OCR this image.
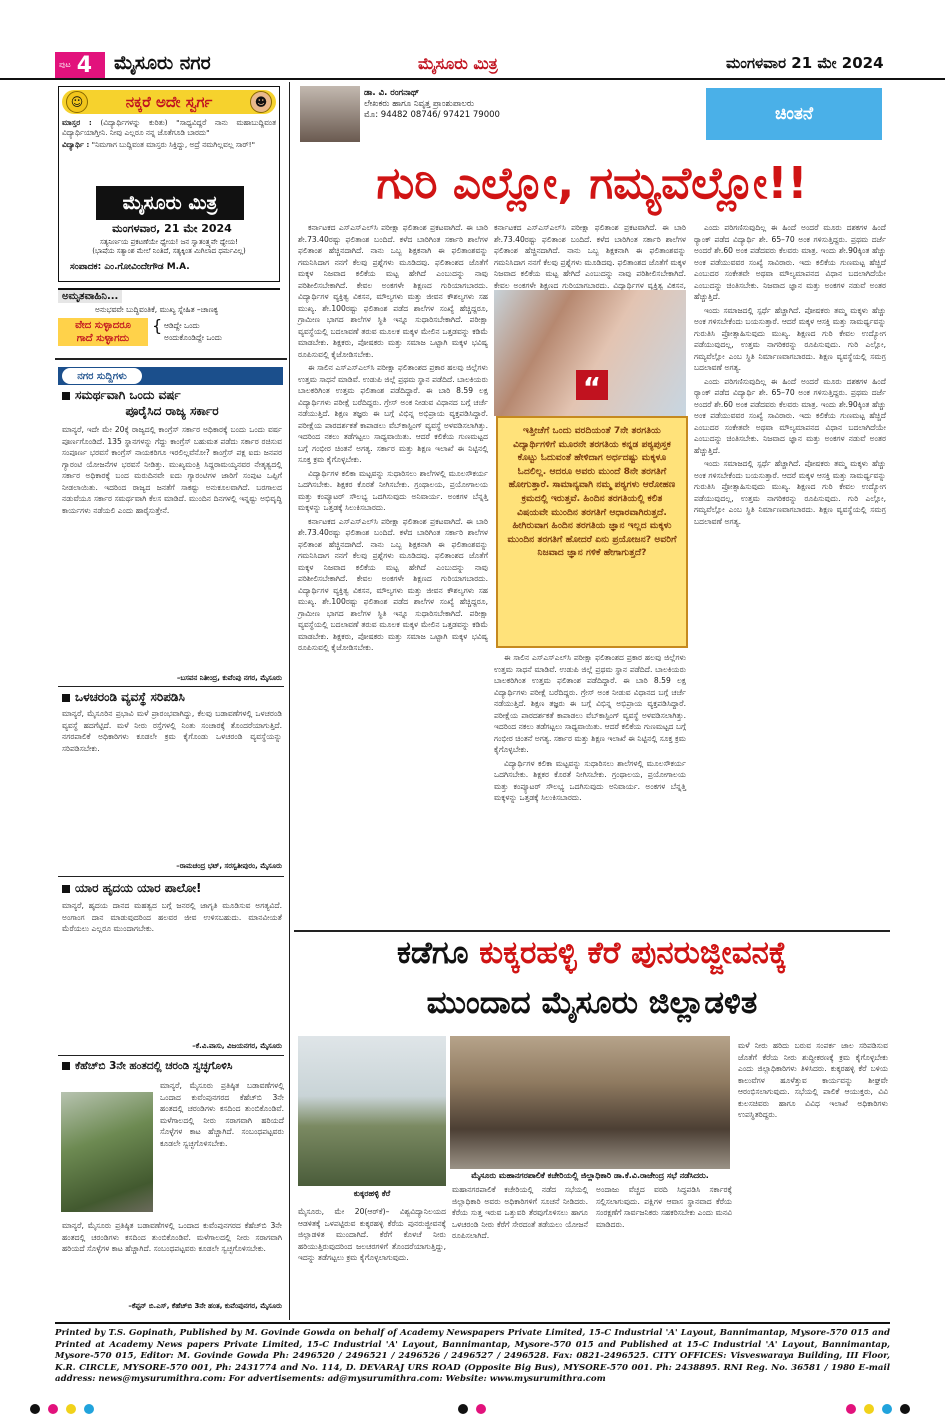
ಪುಟ 4 ಮೈಸೂರು ನಗರ	ಮೈಸೂರು ಮಿತ್ರ	ಮಂಗಳವಾರ 21 ಮೇ 2024
ನಕ್ಕರೆ ಅದೇ ಸ್ವರ್ಗ
☺	☻
ಮಾಸ್ತರ : (ವಿದ್ಯಾರ್ಥಿಗಳನ್ನು ಕುರಿತು) "ಸಾಧ್ಯವಿದ್ದರೆ ನಾನು ಮಹಾಬುದ್ದಿವಂತ ವಿದ್ಯಾರ್ಥಿಯಾಗ್ತೀನಿ. ನೀವು ಎಲ್ಲರೂ ನನ್ನ ಜೊತೆಗೂಡಿ ಬಾರದು"
ವಿದ್ಯಾರ್ಥಿ : "ನಿಮಗಾಗ ಬುದ್ದಿವಂತ ಮಾಸ್ತರು ಸಿಕ್ತಿದ್ದು, ಅದ್ರೆ ನಮಗಿಲ್ಲವಲ್ಲ ಸಾರ್!"
ಮೈಸೂರು ಮಿತ್ರ
ಮಂಗಳವಾರ, 21 ಮೇ 2024
ಸತ್ಯನಿರ್ಣಯ ಪ್ರಕಟಣೆಯೇ ಧ್ಯೇಯ! ಜನ ಸ್ವಾತಂತ್ರ್ಯವೇ ಧ್ಯೇಯ!
(ಭಾಷೆಯ ಸತ್ಯಾಂಶ ಮೇಲೆ ನಿಂತಿದೆ, ಸತ್ಯಕ್ಕಿಂತ ಮಿಗಿಲಾದ ಧರ್ಮವಿಲ್ಲ)
ಸಂಪಾದಕ: ಎಂ.ಗೋವಿಂದೇಗೌಡ M.A.
ಅಮೃತವಾಹಿನಿ...
ಅನುಭವವೇ ಬುದ್ಧಿವಂತಿಕೆ, ಮುಖ್ಯ ಸ್ನೇಹಿತ –ಚಾಣಕ್ಯ
ವೇದ ಸುಳ್ಳಾದರೂ
ಗಾದೆ ಸುಳ್ಳಾಗದು
{ ಆಡಿದ್ದೇ ಒಂದು
ಅಂದುಕೊಂಡಿದ್ದೇ ಒಂದು
ನಗರ ಸುದ್ದಿಗಳು
ಸಮರ್ಥವಾಗಿ ಒಂದು ವರ್ಷ
ಪೂರೈಸಿದ ರಾಜ್ಯ ಸರ್ಕಾರ
ಮಾನ್ಯರೆ, ಇದೇ ಮೇ 20ಕ್ಕೆ ರಾಜ್ಯದಲ್ಲಿ ಕಾಂಗ್ರೆಸ್ ಸರ್ಕಾರ ಅಧಿಕಾರಕ್ಕೆ ಬಂದು ಒಂದು ವರ್ಷ ಪೂರ್ಣಗೊಂಡಿದೆ. 135 ಸ್ಥಾನಗಳನ್ನು ಗೆದ್ದು ಕಾಂಗ್ರೆಸ್ ಬಹುಮತ ಪಡೆದು ಸರ್ಕಾರ ರಚಿಸುವ ಸಂಪೂರ್ಣ ಭರವಸೆ ಕಾಂಗ್ರೆಸ್ ನಾಯಕರಿಗೂ ಇರಲಿಲ್ಲವೆನೋ? ಕಾಂಗ್ರೆಸ್ ಪಕ್ಷ ಐದು ಜನಪರ ಗ್ಯಾರಂಟಿ ಯೋಜನೆಗಳ ಭರವಸೆ ನೀಡಿತ್ತು. ಮುಖ್ಯಮಂತ್ರಿ ಸಿದ್ದರಾಮಯ್ಯನವರ ನೇತೃತ್ವದಲ್ಲಿ ಸರ್ಕಾರ ಅಧಿಕಾರಕ್ಕೆ ಬಂದ ಮರುದಿನವೇ ಐದು ಗ್ಯಾರಂಟಿಗಳ ಜಾರಿಗೆ ಸಂಪುಟ ಒಪ್ಪಿಗೆ ನೀಡಲಾಯಿತು. ಇದರಿಂದ ರಾಜ್ಯದ ಜನತೆಗೆ ಸಾಕಷ್ಟು ಅನುಕೂಲವಾಗಿದೆ. ಬರಗಾಲದ ನಡುವೆಯೂ ಸರ್ಕಾರ ಸಮರ್ಥವಾಗಿ ಕೆಲಸ ಮಾಡಿದೆ. ಮುಂದಿನ ದಿನಗಳಲ್ಲಿ ಇನ್ನಷ್ಟು ಅಭಿವೃದ್ಧಿ ಕಾರ್ಯಗಳು ನಡೆಯಲಿ ಎಂದು ಹಾರೈಸುತ್ತೇನೆ.
–ಬಸವನ ನಿತೀಂದ್ರ, ಕುವೆಂಪು ನಗರ, ಮೈಸೂರು
ಒಳಚರಂಡಿ ವ್ಯವಸ್ಥೆ ಸರಿಪಡಿಸಿ
ಮಾನ್ಯರೆ, ಮೈಸೂರಿನ ಪ್ರಭಾವಿ ಮಳೆ ಪ್ರಾರಂಭವಾಗಿದ್ದು, ಕೆಲವು ಬಡಾವಣೆಗಳಲ್ಲಿ ಒಳಚರಂಡಿ ವ್ಯವಸ್ಥೆ ಹದಗೆಟ್ಟಿದೆ. ಮಳೆ ನೀರು ರಸ್ತೆಗಳಲ್ಲಿ ನಿಂತು ಸಂಚಾರಕ್ಕೆ ತೊಂದರೆಯಾಗುತ್ತಿದೆ. ನಗರಪಾಲಿಕೆ ಅಧಿಕಾರಿಗಳು ಕೂಡಲೇ ಕ್ರಮ ಕೈಗೊಂಡು ಒಳಚರಂಡಿ ವ್ಯವಸ್ಥೆಯನ್ನು ಸರಿಪಡಿಸಬೇಕು.
–ರಾಮಚಂದ್ರ ಭಟ್, ಸರಸ್ವತೀಪುರಂ, ಮೈಸೂರು
ಯಾರ ಹೃದಯ ಯಾರ ಪಾಲೋ!
ಮಾನ್ಯರೆ, ಹೃದಯ ದಾನದ ಮಹತ್ವದ ಬಗ್ಗೆ ಜನರಲ್ಲಿ ಜಾಗೃತಿ ಮೂಡಿಸುವ ಅಗತ್ಯವಿದೆ. ಅಂಗಾಂಗ ದಾನ ಮಾಡುವುದರಿಂದ ಹಲವರ ಜೀವ ಉಳಿಸಬಹುದು. ಮಾನವೀಯತೆ ಮೆರೆಯಲು ಎಲ್ಲರೂ ಮುಂದಾಗಬೇಕು.
–ಕೆ.ವಿ.ವಾಸು, ವಿಜಯನಗರ, ಮೈಸೂರು
ಕೆಹೆಚ್‌ಬಿ 3ನೇ ಹಂತದಲ್ಲಿ ಚರಂಡಿ ಸ್ವಚ್ಛಗೊಳಿಸಿ
ಮಾನ್ಯರೆ, ಮೈಸೂರು ಪ್ರತಿಷ್ಠಿತ ಬಡಾವಣೆಗಳಲ್ಲಿ ಒಂದಾದ ಕುವೆಂಪುನಗರದ ಕೆಹೆಚ್‌ಬಿ 3ನೇ ಹಂತದಲ್ಲಿ ಚರಂಡಿಗಳು ಕಸದಿಂದ ತುಂಬಿಕೊಂಡಿವೆ. ಮಳೆಗಾಲದಲ್ಲಿ ನೀರು ಸರಾಗವಾಗಿ ಹರಿಯದೆ ಸೊಳ್ಳೆಗಳ ಕಾಟ ಹೆಚ್ಚಾಗಿದೆ. ಸಂಬಂಧಪಟ್ಟವರು ಕೂಡಲೇ ಸ್ವಚ್ಛಗೊಳಿಸಬೇಕು.
ಮಾನ್ಯರೆ, ಮೈಸೂರು ಪ್ರತಿಷ್ಠಿತ ಬಡಾವಣೆಗಳಲ್ಲಿ ಒಂದಾದ ಕುವೆಂಪುನಗರದ ಕೆಹೆಚ್‌ಬಿ 3ನೇ ಹಂತದಲ್ಲಿ ಚರಂಡಿಗಳು ಕಸದಿಂದ ತುಂಬಿಕೊಂಡಿವೆ. ಮಳೆಗಾಲದಲ್ಲಿ ನೀರು ಸರಾಗವಾಗಿ ಹರಿಯದೆ ಸೊಳ್ಳೆಗಳ ಕಾಟ ಹೆಚ್ಚಾಗಿದೆ. ಸಂಬಂಧಪಟ್ಟವರು ಕೂಡಲೇ ಸ್ವಚ್ಛಗೊಳಿಸಬೇಕು.
–ಕೆಪ್ಟನ್ ಬಿ.ಎಸ್, ಕೆಹೆಚ್‌ಬಿ 3ನೇ ಹಂತ, ಕುವೆಂಪುನಗರ, ಮೈಸೂರು
ಡಾ. ವಿ. ರಂಗನಾಥ್
ಲೇಖಕರು ಹಾಗೂ ನಿವೃತ್ತ ಪ್ರಾಂಶುಪಾಲರು
ಮೊ: 94482 08746/ 97421 79000	ಚಿಂತನೆ
ಗುರಿ ಎಲ್ಲೋ, ಗಮ್ಯವೆಲ್ಲೋ!!

ಕರ್ನಾಟಕದ ಎಸ್ಎಸ್ಎಲ್‌ಸಿ ಪರೀಕ್ಷಾ ಫಲಿತಾಂಶ ಪ್ರಕಟವಾಗಿದೆ. ಈ ಬಾರಿ ಶೇ.73.40ರಷ್ಟು ಫಲಿತಾಂಶ ಬಂದಿದೆ. ಕಳೆದ ಬಾರಿಗಿಂತ ಸರ್ಕಾರಿ ಶಾಲೆಗಳ ಫಲಿತಾಂಶ ಹೆಚ್ಚಿನದಾಗಿದೆ. ನಾನು ಒಬ್ಬ ಶಿಕ್ಷಕನಾಗಿ ಈ ಫಲಿತಾಂಶವನ್ನು ಗಮನಿಸಿದಾಗ ನನಗೆ ಕೆಲವು ಪ್ರಶ್ನೆಗಳು ಮೂಡಿದವು. ಫಲಿತಾಂಶದ ಜೊತೆಗೆ ಮಕ್ಕಳ ನಿಜವಾದ ಕಲಿಕೆಯ ಮಟ್ಟ ಹೇಗಿದೆ ಎಂಬುದನ್ನು ನಾವು ಪರಿಶೀಲಿಸಬೇಕಾಗಿದೆ. ಕೇವಲ ಅಂಕಗಳೇ ಶಿಕ್ಷಣದ ಗುರಿಯಾಗಬಾರದು. ವಿದ್ಯಾರ್ಥಿಗಳ ವ್ಯಕ್ತಿತ್ವ ವಿಕಸನ, ಮೌಲ್ಯಗಳು ಮತ್ತು ಜೀವನ ಕೌಶಲ್ಯಗಳು ಸಹ ಮುಖ್ಯ. ಶೇ.100ರಷ್ಟು ಫಲಿತಾಂಶ ಪಡೆದ ಶಾಲೆಗಳ ಸಂಖ್ಯೆ ಹೆಚ್ಚಿದ್ದರೂ, ಗ್ರಾಮೀಣ ಭಾಗದ ಶಾಲೆಗಳ ಸ್ಥಿತಿ ಇನ್ನೂ ಸುಧಾರಿಸಬೇಕಾಗಿದೆ. ಪರೀಕ್ಷಾ ವ್ಯವಸ್ಥೆಯಲ್ಲಿ ಬದಲಾವಣೆ ತರುವ ಮೂಲಕ ಮಕ್ಕಳ ಮೇಲಿನ ಒತ್ತಡವನ್ನು ಕಡಿಮೆ ಮಾಡಬೇಕು. ಶಿಕ್ಷಕರು, ಪೋಷಕರು ಮತ್ತು ಸಮಾಜ ಒಟ್ಟಾಗಿ ಮಕ್ಕಳ ಭವಿಷ್ಯ ರೂಪಿಸುವಲ್ಲಿ ಕೈಜೋಡಿಸಬೇಕು.

ಈ ಸಾಲಿನ ಎಸ್ಎಸ್ಎಲ್‌ಸಿ ಪರೀಕ್ಷಾ ಫಲಿತಾಂಶದ ಪ್ರಕಾರ ಹಲವು ಜಿಲ್ಲೆಗಳು ಉತ್ತಮ ಸಾಧನೆ ಮಾಡಿವೆ. ಉಡುಪಿ ಜಿಲ್ಲೆ ಪ್ರಥಮ ಸ್ಥಾನ ಪಡೆದಿದೆ. ಬಾಲಕಿಯರು ಬಾಲಕರಿಗಿಂತ ಉತ್ತಮ ಫಲಿತಾಂಶ ಪಡೆದಿದ್ದಾರೆ. ಈ ಬಾರಿ 8.59 ಲಕ್ಷ ವಿದ್ಯಾರ್ಥಿಗಳು ಪರೀಕ್ಷೆ ಬರೆದಿದ್ದರು. ಗ್ರೇಸ್ ಅಂಕ ನೀಡುವ ವಿಧಾನದ ಬಗ್ಗೆ ಚರ್ಚೆ ನಡೆಯುತ್ತಿದೆ. ಶಿಕ್ಷಣ ತಜ್ಞರು ಈ ಬಗ್ಗೆ ವಿಭಿನ್ನ ಅಭಿಪ್ರಾಯ ವ್ಯಕ್ತಪಡಿಸಿದ್ದಾರೆ. ಪರೀಕ್ಷೆಯ ಪಾರದರ್ಶಕತೆ ಕಾಪಾಡಲು ವೆಬ್‌ಕಾಸ್ಟಿಂಗ್ ವ್ಯವಸ್ಥೆ ಅಳವಡಿಸಲಾಗಿತ್ತು. ಇದರಿಂದ ನಕಲು ತಡೆಗಟ್ಟಲು ಸಾಧ್ಯವಾಯಿತು. ಆದರೆ ಕಲಿಕೆಯ ಗುಣಮಟ್ಟದ ಬಗ್ಗೆ ಗಂಭೀರ ಚಿಂತನೆ ಅಗತ್ಯ. ಸರ್ಕಾರ ಮತ್ತು ಶಿಕ್ಷಣ ಇಲಾಖೆ ಈ ನಿಟ್ಟಿನಲ್ಲಿ ಸೂಕ್ತ ಕ್ರಮ ಕೈಗೊಳ್ಳಬೇಕು.

ವಿದ್ಯಾರ್ಥಿಗಳ ಕಲಿಕಾ ಮಟ್ಟವನ್ನು ಸುಧಾರಿಸಲು ಶಾಲೆಗಳಲ್ಲಿ ಮೂಲಸೌಕರ್ಯ ಒದಗಿಸಬೇಕು. ಶಿಕ್ಷಕರ ಕೊರತೆ ನೀಗಿಸಬೇಕು. ಗ್ರಂಥಾಲಯ, ಪ್ರಯೋಗಾಲಯ ಮತ್ತು ಕಂಪ್ಯೂಟರ್ ಸೌಲಭ್ಯ ಒದಗಿಸುವುದು ಅನಿವಾರ್ಯ. ಅಂಕಗಳ ಬೆನ್ನತ್ತಿ ಮಕ್ಕಳನ್ನು ಒತ್ತಡಕ್ಕೆ ಸಿಲುಕಿಸಬಾರದು.

ಕರ್ನಾಟಕದ ಎಸ್ಎಸ್ಎಲ್‌ಸಿ ಪರೀಕ್ಷಾ ಫಲಿತಾಂಶ ಪ್ರಕಟವಾಗಿದೆ. ಈ ಬಾರಿ ಶೇ.73.40ರಷ್ಟು ಫಲಿತಾಂಶ ಬಂದಿದೆ. ಕಳೆದ ಬಾರಿಗಿಂತ ಸರ್ಕಾರಿ ಶಾಲೆಗಳ ಫಲಿತಾಂಶ ಹೆಚ್ಚಿನದಾಗಿದೆ. ನಾನು ಒಬ್ಬ ಶಿಕ್ಷಕನಾಗಿ ಈ ಫಲಿತಾಂಶವನ್ನು ಗಮನಿಸಿದಾಗ ನನಗೆ ಕೆಲವು ಪ್ರಶ್ನೆಗಳು ಮೂಡಿದವು. ಫಲಿತಾಂಶದ ಜೊತೆಗೆ ಮಕ್ಕಳ ನಿಜವಾದ ಕಲಿಕೆಯ ಮಟ್ಟ ಹೇಗಿದೆ ಎಂಬುದನ್ನು ನಾವು ಪರಿಶೀಲಿಸಬೇಕಾಗಿದೆ. ಕೇವಲ ಅಂಕಗಳೇ ಶಿಕ್ಷಣದ ಗುರಿಯಾಗಬಾರದು. ವಿದ್ಯಾರ್ಥಿಗಳ ವ್ಯಕ್ತಿತ್ವ ವಿಕಸನ, ಮೌಲ್ಯಗಳು ಮತ್ತು ಜೀವನ ಕೌಶಲ್ಯಗಳು ಸಹ ಮುಖ್ಯ. ಶೇ.100ರಷ್ಟು ಫಲಿತಾಂಶ ಪಡೆದ ಶಾಲೆಗಳ ಸಂಖ್ಯೆ ಹೆಚ್ಚಿದ್ದರೂ, ಗ್ರಾಮೀಣ ಭಾಗದ ಶಾಲೆಗಳ ಸ್ಥಿತಿ ಇನ್ನೂ ಸುಧಾರಿಸಬೇಕಾಗಿದೆ. ಪರೀಕ್ಷಾ ವ್ಯವಸ್ಥೆಯಲ್ಲಿ ಬದಲಾವಣೆ ತರುವ ಮೂಲಕ ಮಕ್ಕಳ ಮೇಲಿನ ಒತ್ತಡವನ್ನು ಕಡಿಮೆ ಮಾಡಬೇಕು. ಶಿಕ್ಷಕರು, ಪೋಷಕರು ಮತ್ತು ಸಮಾಜ ಒಟ್ಟಾಗಿ ಮಕ್ಕಳ ಭವಿಷ್ಯ ರೂಪಿಸುವಲ್ಲಿ ಕೈಜೋಡಿಸಬೇಕು.

ಕರ್ನಾಟಕದ ಎಸ್ಎಸ್ಎಲ್‌ಸಿ ಪರೀಕ್ಷಾ ಫಲಿತಾಂಶ ಪ್ರಕಟವಾಗಿದೆ. ಈ ಬಾರಿ ಶೇ.73.40ರಷ್ಟು ಫಲಿತಾಂಶ ಬಂದಿದೆ. ಕಳೆದ ಬಾರಿಗಿಂತ ಸರ್ಕಾರಿ ಶಾಲೆಗಳ ಫಲಿತಾಂಶ ಹೆಚ್ಚಿನದಾಗಿದೆ. ನಾನು ಒಬ್ಬ ಶಿಕ್ಷಕನಾಗಿ ಈ ಫಲಿತಾಂಶವನ್ನು ಗಮನಿಸಿದಾಗ ನನಗೆ ಕೆಲವು ಪ್ರಶ್ನೆಗಳು ಮೂಡಿದವು. ಫಲಿತಾಂಶದ ಜೊತೆಗೆ ಮಕ್ಕಳ ನಿಜವಾದ ಕಲಿಕೆಯ ಮಟ್ಟ ಹೇಗಿದೆ ಎಂಬುದನ್ನು ನಾವು ಪರಿಶೀಲಿಸಬೇಕಾಗಿದೆ. ಕೇವಲ ಅಂಕಗಳೇ ಶಿಕ್ಷಣದ ಗುರಿಯಾಗಬಾರದು. ವಿದ್ಯಾರ್ಥಿಗಳ ವ್ಯಕ್ತಿತ್ವ ವಿಕಸನ,
“
ಇತ್ತೀಚೆಗೆ ಒಂದು ವರದಿಯಂತೆ 7ನೇ ತರಗತಿಯ ವಿದ್ಯಾರ್ಥಿಗಳಿಗೆ ಮೂರನೇ ತರಗತಿಯ ಕನ್ನಡ ಪಠ್ಯಪುಸ್ತಕ ಕೊಟ್ಟು ಓದುವಂತೆ ಹೇಳಿದಾಗ ಅರ್ಧದಷ್ಟು ಮಕ್ಕಳೂ ಓದಲಿಲ್ಲ. ಆದರೂ ಅವರು ಮುಂದೆ 8ನೇ ತರಗತಿಗೆ ಹೋಗುತ್ತಾರೆ. ಸಾಮಾನ್ಯವಾಗಿ ನಮ್ಮ ಪಠ್ಯಗಳು ಆರೋಹಣ ಕ್ರಮದಲ್ಲಿ ಇರುತ್ತವೆ. ಹಿಂದಿನ ತರಗತಿಯಲ್ಲಿ ಕಲಿತ ವಿಷಯವೇ ಮುಂದಿನ ತರಗತಿಗೆ ಆಧಾರವಾಗಿರುತ್ತದೆ. ಹೀಗಿರುವಾಗ ಹಿಂದಿನ ತರಗತಿಯ ಜ್ಞಾನ ಇಲ್ಲದ ಮಕ್ಕಳು ಮುಂದಿನ ತರಗತಿಗೆ ಹೋದರೆ ಏನು ಪ್ರಯೋಜನ? ಅವರಿಗೆ ನಿಜವಾದ ಜ್ಞಾನ ಗಳಿಕೆ ಹೇಗಾಗುತ್ತದೆ?

ಈ ಸಾಲಿನ ಎಸ್ಎಸ್ಎಲ್‌ಸಿ ಪರೀಕ್ಷಾ ಫಲಿತಾಂಶದ ಪ್ರಕಾರ ಹಲವು ಜಿಲ್ಲೆಗಳು ಉತ್ತಮ ಸಾಧನೆ ಮಾಡಿವೆ. ಉಡುಪಿ ಜಿಲ್ಲೆ ಪ್ರಥಮ ಸ್ಥಾನ ಪಡೆದಿದೆ. ಬಾಲಕಿಯರು ಬಾಲಕರಿಗಿಂತ ಉತ್ತಮ ಫಲಿತಾಂಶ ಪಡೆದಿದ್ದಾರೆ. ಈ ಬಾರಿ 8.59 ಲಕ್ಷ ವಿದ್ಯಾರ್ಥಿಗಳು ಪರೀಕ್ಷೆ ಬರೆದಿದ್ದರು. ಗ್ರೇಸ್ ಅಂಕ ನೀಡುವ ವಿಧಾನದ ಬಗ್ಗೆ ಚರ್ಚೆ ನಡೆಯುತ್ತಿದೆ. ಶಿಕ್ಷಣ ತಜ್ಞರು ಈ ಬಗ್ಗೆ ವಿಭಿನ್ನ ಅಭಿಪ್ರಾಯ ವ್ಯಕ್ತಪಡಿಸಿದ್ದಾರೆ. ಪರೀಕ್ಷೆಯ ಪಾರದರ್ಶಕತೆ ಕಾಪಾಡಲು ವೆಬ್‌ಕಾಸ್ಟಿಂಗ್ ವ್ಯವಸ್ಥೆ ಅಳವಡಿಸಲಾಗಿತ್ತು. ಇದರಿಂದ ನಕಲು ತಡೆಗಟ್ಟಲು ಸಾಧ್ಯವಾಯಿತು. ಆದರೆ ಕಲಿಕೆಯ ಗುಣಮಟ್ಟದ ಬಗ್ಗೆ ಗಂಭೀರ ಚಿಂತನೆ ಅಗತ್ಯ. ಸರ್ಕಾರ ಮತ್ತು ಶಿಕ್ಷಣ ಇಲಾಖೆ ಈ ನಿಟ್ಟಿನಲ್ಲಿ ಸೂಕ್ತ ಕ್ರಮ ಕೈಗೊಳ್ಳಬೇಕು.

ವಿದ್ಯಾರ್ಥಿಗಳ ಕಲಿಕಾ ಮಟ್ಟವನ್ನು ಸುಧಾರಿಸಲು ಶಾಲೆಗಳಲ್ಲಿ ಮೂಲಸೌಕರ್ಯ ಒದಗಿಸಬೇಕು. ಶಿಕ್ಷಕರ ಕೊರತೆ ನೀಗಿಸಬೇಕು. ಗ್ರಂಥಾಲಯ, ಪ್ರಯೋಗಾಲಯ ಮತ್ತು ಕಂಪ್ಯೂಟರ್ ಸೌಲಭ್ಯ ಒದಗಿಸುವುದು ಅನಿವಾರ್ಯ. ಅಂಕಗಳ ಬೆನ್ನತ್ತಿ ಮಕ್ಕಳನ್ನು ಒತ್ತಡಕ್ಕೆ ಸಿಲುಕಿಸಬಾರದು.

ಎಂದು ಪರಿಗಣಿಸುವುದಿಲ್ಲ ಈ ಹಿಂದೆ ಅಂದರೆ ಮೂರು ದಶಕಗಳ ಹಿಂದೆ ರ‍್ಯಾಂಕ್ ಪಡೆದ ವಿದ್ಯಾರ್ಥಿ ಶೇ. 65–70 ಅಂಕ ಗಳಿಸುತ್ತಿದ್ದರು. ಪ್ರಥಮ ದರ್ಜೆ ಅಂದರೆ ಶೇ.60 ಅಂಕ ಪಡೆದವರು ಕೆಲವರು ಮಾತ್ರ. ಇಂದು ಶೇ.90ಕ್ಕಿಂತ ಹೆಚ್ಚು ಅಂಕ ಪಡೆಯುವವರ ಸಂಖ್ಯೆ ಸಾವಿರಾರು. ಇದು ಕಲಿಕೆಯ ಗುಣಮಟ್ಟ ಹೆಚ್ಚಿದೆ ಎಂಬುದರ ಸಂಕೇತವೇ ಅಥವಾ ಮೌಲ್ಯಮಾಪನದ ವಿಧಾನ ಬದಲಾಗಿದೆಯೇ ಎಂಬುದನ್ನು ಚಿಂತಿಸಬೇಕು. ನಿಜವಾದ ಜ್ಞಾನ ಮತ್ತು ಅಂಕಗಳ ನಡುವೆ ಅಂತರ ಹೆಚ್ಚುತ್ತಿದೆ.

ಇಂದು ಸಮಾಜದಲ್ಲಿ ಸ್ಪರ್ಧೆ ಹೆಚ್ಚಾಗಿದೆ. ಪೋಷಕರು ತಮ್ಮ ಮಕ್ಕಳು ಹೆಚ್ಚು ಅಂಕ ಗಳಿಸಬೇಕೆಂದು ಬಯಸುತ್ತಾರೆ. ಆದರೆ ಮಕ್ಕಳ ಆಸಕ್ತಿ ಮತ್ತು ಸಾಮರ್ಥ್ಯವನ್ನು ಗುರುತಿಸಿ ಪ್ರೋತ್ಸಾಹಿಸುವುದು ಮುಖ್ಯ. ಶಿಕ್ಷಣದ ಗುರಿ ಕೇವಲ ಉದ್ಯೋಗ ಪಡೆಯುವುದಲ್ಲ, ಉತ್ತಮ ನಾಗರಿಕರನ್ನು ರೂಪಿಸುವುದು. ಗುರಿ ಎಲ್ಲೋ, ಗಮ್ಯವೆಲ್ಲೋ ಎಂಬ ಸ್ಥಿತಿ ನಿರ್ಮಾಣವಾಗಬಾರದು. ಶಿಕ್ಷಣ ವ್ಯವಸ್ಥೆಯಲ್ಲಿ ಸಮಗ್ರ ಬದಲಾವಣೆ ಅಗತ್ಯ.

ಎಂದು ಪರಿಗಣಿಸುವುದಿಲ್ಲ ಈ ಹಿಂದೆ ಅಂದರೆ ಮೂರು ದಶಕಗಳ ಹಿಂದೆ ರ‍್ಯಾಂಕ್ ಪಡೆದ ವಿದ್ಯಾರ್ಥಿ ಶೇ. 65–70 ಅಂಕ ಗಳಿಸುತ್ತಿದ್ದರು. ಪ್ರಥಮ ದರ್ಜೆ ಅಂದರೆ ಶೇ.60 ಅಂಕ ಪಡೆದವರು ಕೆಲವರು ಮಾತ್ರ. ಇಂದು ಶೇ.90ಕ್ಕಿಂತ ಹೆಚ್ಚು ಅಂಕ ಪಡೆಯುವವರ ಸಂಖ್ಯೆ ಸಾವಿರಾರು. ಇದು ಕಲಿಕೆಯ ಗುಣಮಟ್ಟ ಹೆಚ್ಚಿದೆ ಎಂಬುದರ ಸಂಕೇತವೇ ಅಥವಾ ಮೌಲ್ಯಮಾಪನದ ವಿಧಾನ ಬದಲಾಗಿದೆಯೇ ಎಂಬುದನ್ನು ಚಿಂತಿಸಬೇಕು. ನಿಜವಾದ ಜ್ಞಾನ ಮತ್ತು ಅಂಕಗಳ ನಡುವೆ ಅಂತರ ಹೆಚ್ಚುತ್ತಿದೆ.

ಇಂದು ಸಮಾಜದಲ್ಲಿ ಸ್ಪರ್ಧೆ ಹೆಚ್ಚಾಗಿದೆ. ಪೋಷಕರು ತಮ್ಮ ಮಕ್ಕಳು ಹೆಚ್ಚು ಅಂಕ ಗಳಿಸಬೇಕೆಂದು ಬಯಸುತ್ತಾರೆ. ಆದರೆ ಮಕ್ಕಳ ಆಸಕ್ತಿ ಮತ್ತು ಸಾಮರ್ಥ್ಯವನ್ನು ಗುರುತಿಸಿ ಪ್ರೋತ್ಸಾಹಿಸುವುದು ಮುಖ್ಯ. ಶಿಕ್ಷಣದ ಗುರಿ ಕೇವಲ ಉದ್ಯೋಗ ಪಡೆಯುವುದಲ್ಲ, ಉತ್ತಮ ನಾಗರಿಕರನ್ನು ರೂಪಿಸುವುದು. ಗುರಿ ಎಲ್ಲೋ, ಗಮ್ಯವೆಲ್ಲೋ ಎಂಬ ಸ್ಥಿತಿ ನಿರ್ಮಾಣವಾಗಬಾರದು. ಶಿಕ್ಷಣ ವ್ಯವಸ್ಥೆಯಲ್ಲಿ ಸಮಗ್ರ ಬದಲಾವಣೆ ಅಗತ್ಯ.

ಕಡೆಗೂ ಕುಕ್ಕರಹಳ್ಳಿ ಕೆರೆ ಪುನರುಜ್ಜೀವನಕ್ಕೆ
ಮುಂದಾದ ಮೈಸೂರು ಜಿಲ್ಲಾಡಳಿತ
ಕುಕ್ಕರಹಳ್ಳಿ ಕೆರೆ
ಮೈಸೂರು ಮಹಾನಗರಪಾಲಿಕೆ ಕಚೇರಿಯಲ್ಲಿ ಜಿಲ್ಲಾಧಿಕಾರಿ ಡಾ.ಕೆ.ವಿ.ರಾಜೇಂದ್ರ ಸಭೆ ನಡೆಸಿದರು.
ಮೈಸೂರು, ಮೇ 20(ಆರ್‌ಕೆ)– ವಿಶ್ವವಿದ್ಯಾನಿಲಯದ ಆಡಳಿತಕ್ಕೆ ಒಳಪಟ್ಟಿರುವ ಕುಕ್ಕರಹಳ್ಳಿ ಕೆರೆಯ ಪುನರುಜ್ಜೀವನಕ್ಕೆ ಜಿಲ್ಲಾಡಳಿತ ಮುಂದಾಗಿದೆ. ಕೆರೆಗೆ ಕೊಳಚೆ ನೀರು ಹರಿಯುತ್ತಿರುವುದರಿಂದ ಜಲಚರಗಳಿಗೆ ತೊಂದರೆಯಾಗುತ್ತಿದ್ದು, ಇದನ್ನು ತಡೆಗಟ್ಟಲು ಕ್ರಮ ಕೈಗೊಳ್ಳಲಾಗುವುದು.
ಮಹಾನಗರಪಾಲಿಕೆ ಕಚೇರಿಯಲ್ಲಿ ನಡೆದ ಸಭೆಯಲ್ಲಿ ಜಿಲ್ಲಾಧಿಕಾರಿ ಅವರು ಅಧಿಕಾರಿಗಳಿಗೆ ಸೂಚನೆ ನೀಡಿದರು. ಕೆರೆಯ ಸುತ್ತ ಇರುವ ಒತ್ತುವರಿ ತೆರವುಗೊಳಿಸಲು ಹಾಗೂ ಒಳಚರಂಡಿ ನೀರು ಕೆರೆಗೆ ಸೇರದಂತೆ ತಡೆಯಲು ಯೋಜನೆ ರೂಪಿಸಲಾಗಿದೆ.
ಅಂದಾಜು ವೆಚ್ಚದ ವರದಿ ಸಿದ್ಧಪಡಿಸಿ ಸರ್ಕಾರಕ್ಕೆ ಸಲ್ಲಿಸಲಾಗುವುದು. ಪಕ್ಷಿಗಳ ಆವಾಸ ಸ್ಥಾನವಾದ ಕೆರೆಯ ಸಂರಕ್ಷಣೆಗೆ ಸಾರ್ವಜನಿಕರು ಸಹಕರಿಸಬೇಕು ಎಂದು ಮನವಿ ಮಾಡಿದರು.
ಮಳೆ ನೀರು ಹರಿದು ಬರುವ ಸಂಪರ್ಕ ಜಾಲ ಸರಿಪಡಿಸುವ ಜೊತೆಗೆ ಕೆರೆಯ ನೀರು ಶುದ್ಧೀಕರಣಕ್ಕೆ ಕ್ರಮ ಕೈಗೊಳ್ಳಬೇಕು ಎಂದು ಜಿಲ್ಲಾಧಿಕಾರಿಗಳು ತಿಳಿಸಿದರು. ಕುಕ್ಕರಹಳ್ಳಿ ಕೆರೆ ಬಳಿಯ ಕಾಲುವೆಗಳ ಹೂಳೆತ್ತುವ ಕಾರ್ಯವನ್ನು ಶೀಘ್ರವೇ ಆರಂಭಿಸಲಾಗುವುದು. ಸಭೆಯಲ್ಲಿ ಪಾಲಿಕೆ ಆಯುಕ್ತರು, ವಿವಿ ಕುಲಸಚಿವರು ಹಾಗೂ ವಿವಿಧ ಇಲಾಖೆ ಅಧಿಕಾರಿಗಳು ಉಪಸ್ಥಿತರಿದ್ದರು.
Printed by T.S. Gopinath, Published by M. Govinde Gowda on behalf of Academy Newspapers Private Limited, 15-C Industrial 'A' Layout, Bannimantap, Mysore-570 015 and Printed at Academy News papers Private Limited, 15-C Industrial 'A' Layout, Bannimantap, Mysore-570 015 and Published at 15-C Industrial 'A' Layout, Bannimantap, Mysore-570 015, Editor: M. Govinde Gowda Ph: 2496520 / 2496521 / 2496526 / 2496527 / 2496528. Fax: 0821-2496525. CITY OFFICES: Visveswaraya Building, III Floor, K.R. CIRCLE, MYSORE-570 001, Ph: 2431774 and No. 114, D. DEVARAJ URS ROAD (Opposite Big Bus), MYSORE-570 001. Ph: 2438895. RNI Reg. No. 36581 / 1980 E-mail address: news@mysurumithra.com: For advertisements: ad@mysurumithra.com: Website: www.mysurumithra.com
